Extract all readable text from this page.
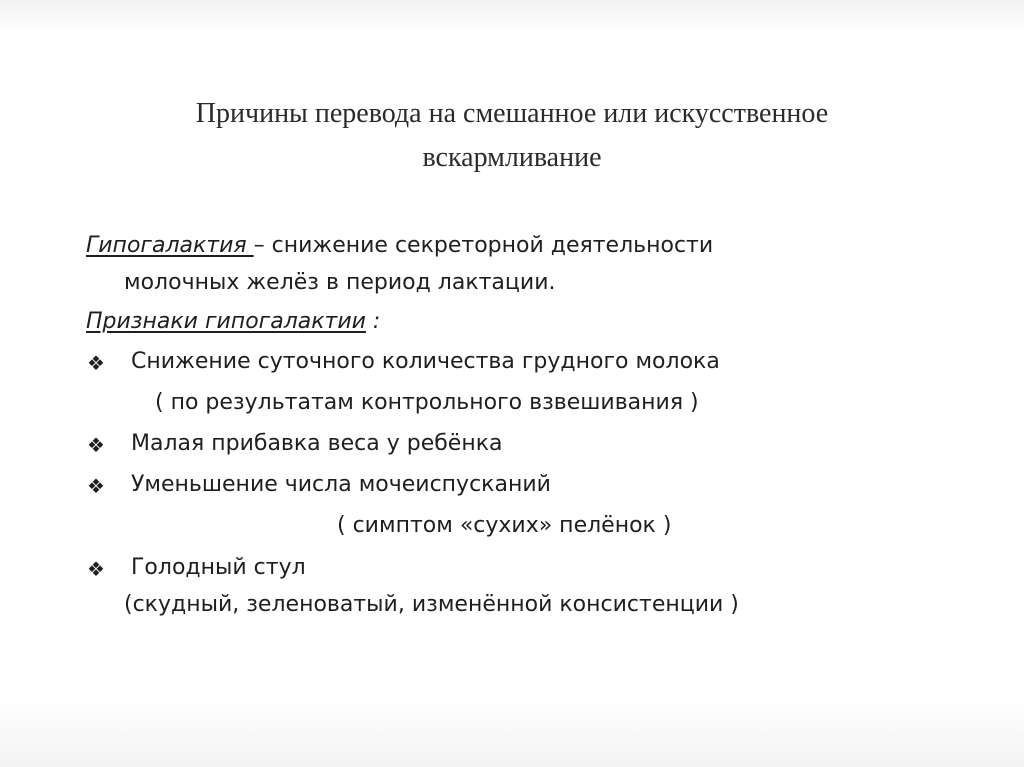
Причины перевода на смешанное или искусственное
вскармливание
Гипогалактия – снижение секреторной деятельности
молочных желёз в период лактации.
Признаки гипогалактии :
❖ Снижение суточного количества грудного молока
( по результатам контрольного взвешивания )
❖ Малая прибавка веса у ребёнка
❖ Уменьшение числа мочеиспусканий
( симптом «сухих» пелёнок )
❖ Голодный стул
(скудный, зеленоватый, изменённой консистенции )
